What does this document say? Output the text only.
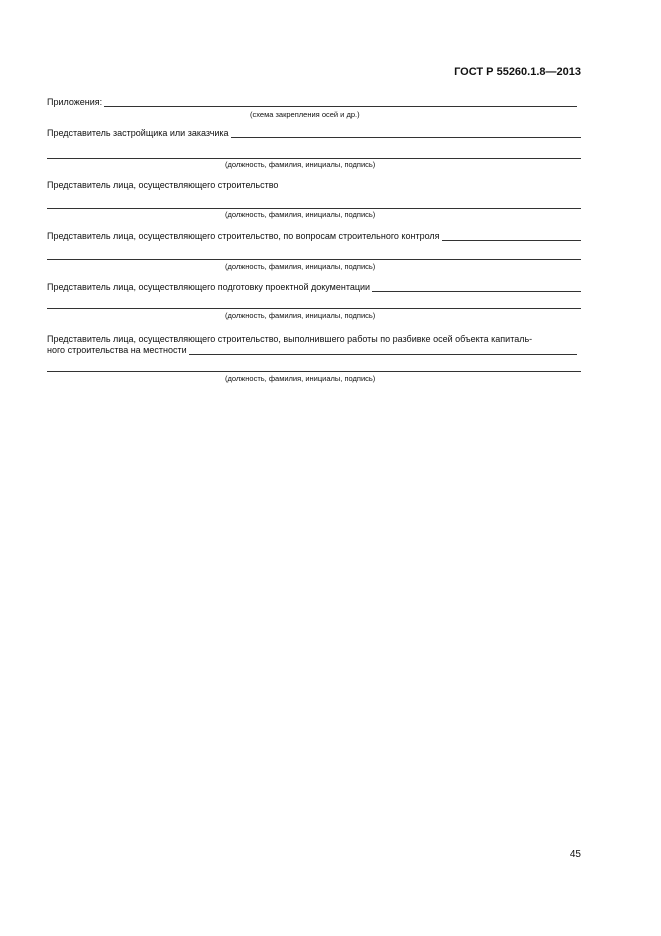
ГОСТ Р 55260.1.8—2013
Приложения:
(схема закрепления осей и др.)
Представитель застройщика или заказчика
(должность, фамилия, инициалы, подпись)
Представитель лица, осуществляющего строительство
(должность, фамилия, инициалы, подпись)
Представитель лица, осуществляющего строительство, по вопросам строительного контроля
(должность, фамилия, инициалы, подпись)
Представитель лица, осуществляющего подготовку проектной документации
(должность, фамилия, инициалы, подпись)
Представитель лица, осуществляющего строительство, выполнившего работы по разбивке осей объекта капиталь-
ного строительства на местности
(должность, фамилия, инициалы, подпись)
45
